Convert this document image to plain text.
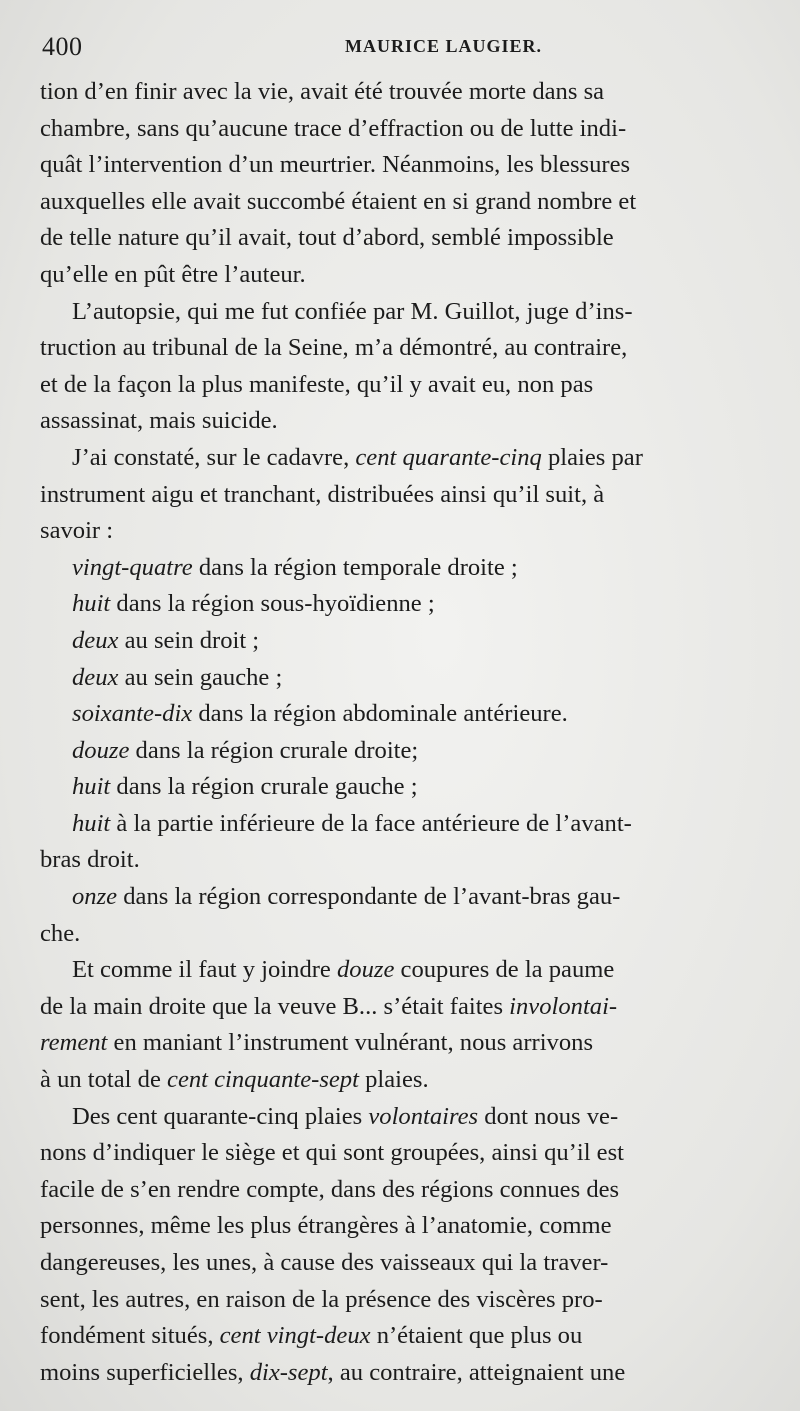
400	MAURICE LAUGIER.

tion d’en finir avec la vie, avait été trouvée morte dans sa

chambre, sans qu’aucune trace d’effraction ou de lutte indi-

quât l’intervention d’un meurtrier. Néanmoins, les blessures

auxquelles elle avait succombé étaient en si grand nombre et

de telle nature qu’il avait, tout d’abord, semblé impossible

qu’elle en pût être l’auteur.

L’autopsie, qui me fut confiée par M. Guillot, juge d’ins-

truction au tribunal de la Seine, m’a démontré, au contraire,

et de la façon la plus manifeste, qu’il y avait eu, non pas

assassinat, mais suicide.

J’ai constaté, sur le cadavre, cent quarante-cinq plaies par

instrument aigu et tranchant, distribuées ainsi qu’il suit, à

savoir :

vingt-quatre dans la région temporale droite ;

huit dans la région sous-hyoïdienne ;

deux au sein droit ;

deux au sein gauche ;

soixante-dix dans la région abdominale antérieure.

douze dans la région crurale droite;

huit dans la région crurale gauche ;

huit à la partie inférieure de la face antérieure de l’avant-

bras droit.

onze dans la région correspondante de l’avant-bras gau-

che.

Et comme il faut y joindre douze coupures de la paume

de la main droite que la veuve B... s’était faites involontai-

rement en maniant l’instrument vulnérant, nous arrivons

à un total de cent cinquante-sept plaies.

Des cent quarante-cinq plaies volontaires dont nous ve-

nons d’indiquer le siège et qui sont groupées, ainsi qu’il est

facile de s’en rendre compte, dans des régions connues des

personnes, même les plus étrangères à l’anatomie, comme

dangereuses, les unes, à cause des vaisseaux qui la traver-

sent, les autres, en raison de la présence des viscères pro-

fondément situés, cent vingt-deux n’étaient que plus ou

moins superficielles, dix-sept, au contraire, atteignaient une
